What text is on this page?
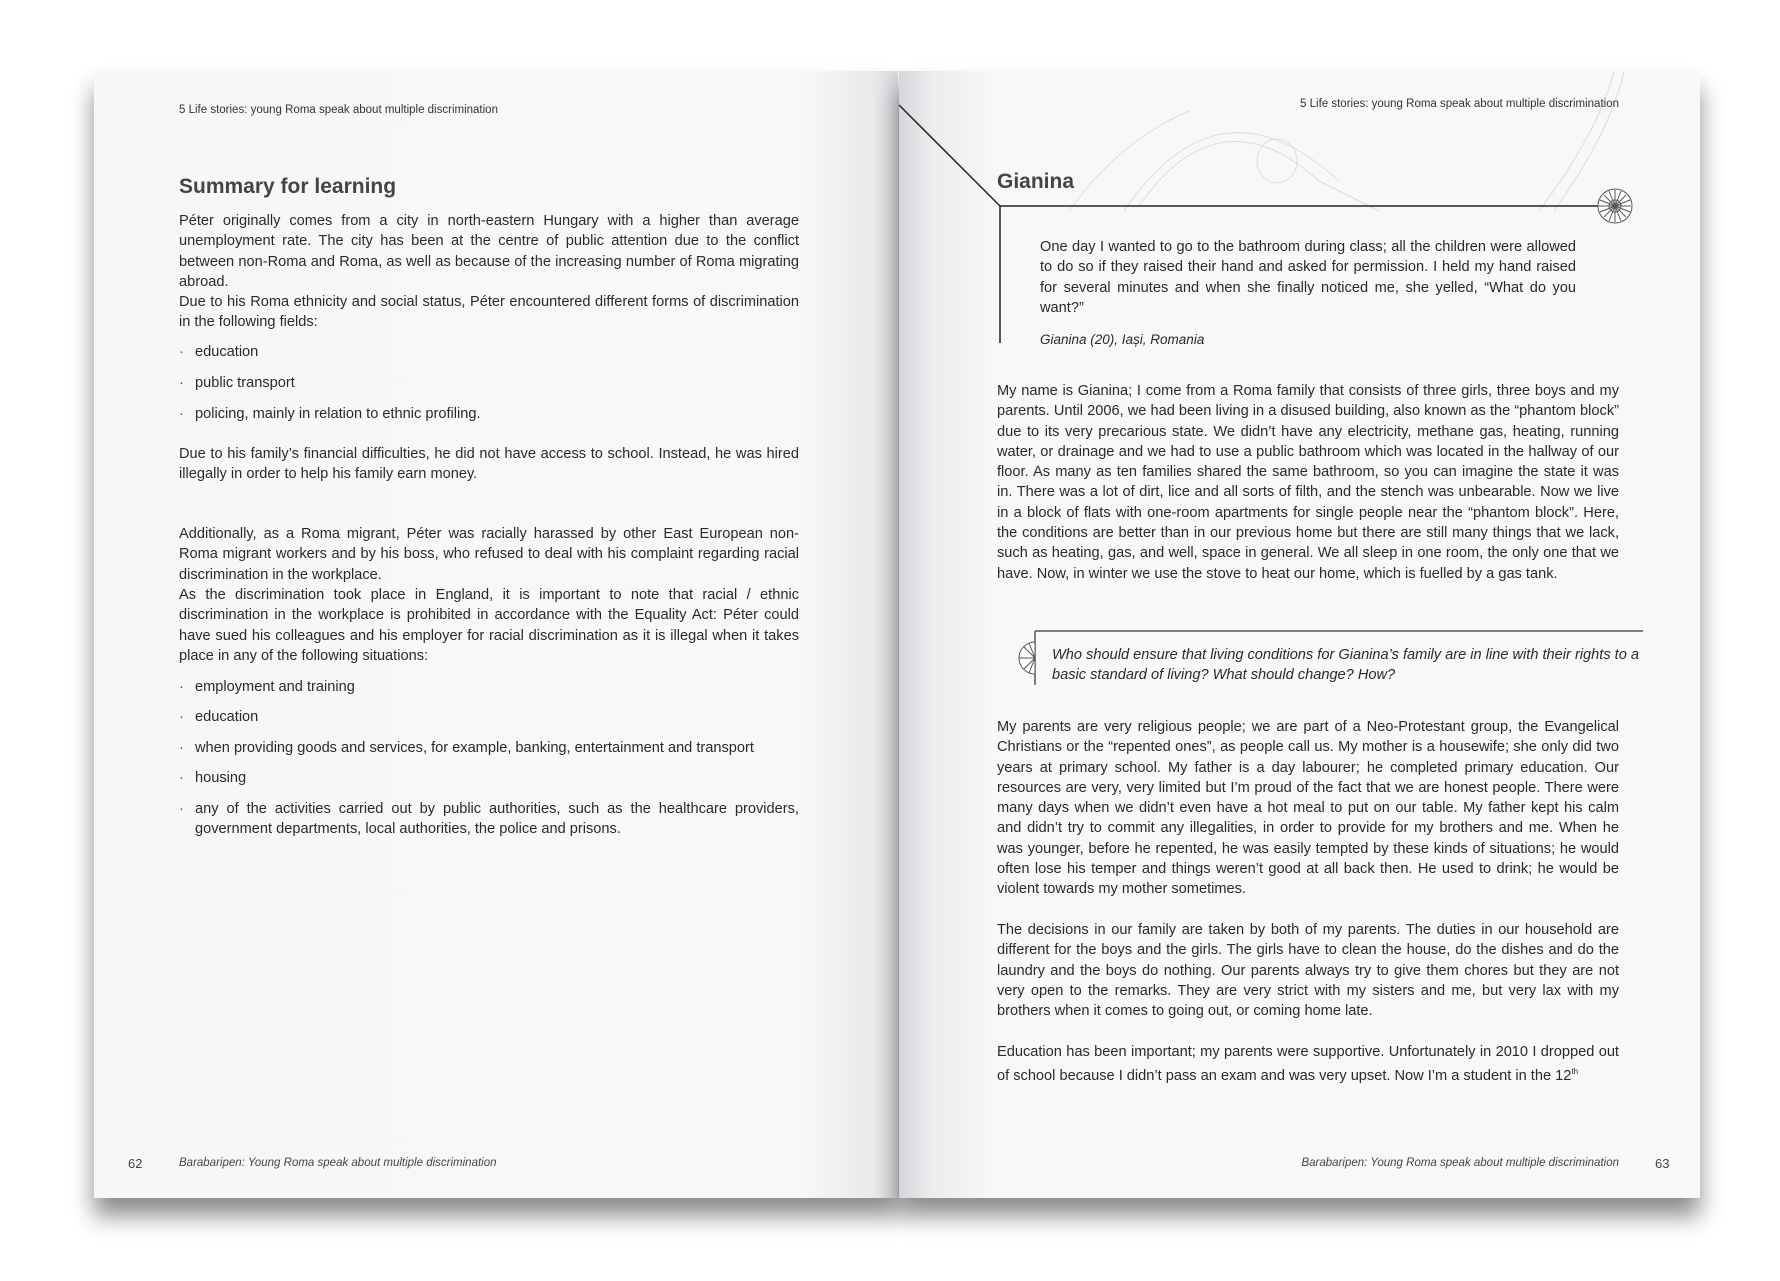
5 Life stories: young Roma speak about multiple discrimination
Summary for learning
Péter originally comes from a city in north-eastern Hungary with a higher than average unemployment rate. The city has been at the centre of public attention due to the conflict between non-Roma and Roma, as well as because of the increasing number of Roma migrating abroad.
Due to his Roma ethnicity and social status, Péter encountered different forms of discrimination in the following fields:
· education
· public transport
· policing, mainly in relation to ethnic profiling.
Due to his family’s financial difficulties, he did not have access to school. Instead, he was hired illegally in order to help his family earn money.
Additionally, as a Roma migrant, Péter was racially harassed by other East European non-Roma migrant workers and by his boss, who refused to deal with his complaint regarding racial discrimination in the workplace.
As the discrimination took place in England, it is important to note that racial / ethnic discrimination in the workplace is prohibited in accordance with the Equality Act: Péter could have sued his colleagues and his employer for racial discrimination as it is illegal when it takes place in any of the following situations:
· employment and training
· education
· when providing goods and services, for example, banking, entertainment and transport
· housing
· any of the activities carried out by public authorities, such as the healthcare providers, government departments, local authorities, the police and prisons.
62	Barabaripen: Young Roma speak about multiple discrimination
5 Life stories: young Roma speak about multiple discrimination
Gianina
One day I wanted to go to the bathroom during class; all the children were allowed to do so if they raised their hand and asked for permission. I held my hand raised for several minutes and when she finally noticed me, she yelled, “What do you want?”
Gianina (20), Iași, Romania
My name is Gianina; I come from a Roma family that consists of three girls, three boys and my parents. Until 2006, we had been living in a disused building, also known as the “phantom block” due to its very precarious state. We didn’t have any electricity, methane gas, heating, running water, or drainage and we had to use a public bathroom which was located in the hallway of our floor. As many as ten families shared the same bathroom, so you can imagine the state it was in. There was a lot of dirt, lice and all sorts of filth, and the stench was unbearable. Now we live in a block of flats with one-room apartments for single people near the “phantom block”. Here, the conditions are better than in our previous home but there are still many things that we lack, such as heating, gas, and well, space in general. We all sleep in one room, the only one that we have. Now, in winter we use the stove to heat our home, which is fuelled by a gas tank.
Who should ensure that living conditions for Gianina’s family are in line with their rights to a basic standard of living? What should change? How?
My parents are very religious people; we are part of a Neo-Protestant group, the Evangelical Christians or the “repented ones”, as people call us. My mother is a housewife; she only did two years at primary school. My father is a day labourer; he completed primary education. Our resources are very, very limited but I’m proud of the fact that we are honest people. There were many days when we didn’t even have a hot meal to put on our table. My father kept his calm and didn’t try to commit any illegalities, in order to provide for my brothers and me. When he was younger, before he repented, he was easily tempted by these kinds of situations; he would often lose his temper and things weren’t good at all back then. He used to drink; he would be violent towards my mother sometimes.
The decisions in our family are taken by both of my parents. The duties in our household are different for the boys and the girls. The girls have to clean the house, do the dishes and do the laundry and the boys do nothing. Our parents always try to give them chores but they are not very open to the remarks. They are very strict with my sisters and me, but very lax with my brothers when it comes to going out, or coming home late.
Education has been important; my parents were supportive. Unfortunately in 2010 I dropped out of school because I didn’t pass an exam and was very upset. Now I’m a student in the 12th
Barabaripen: Young Roma speak about multiple discrimination	63
